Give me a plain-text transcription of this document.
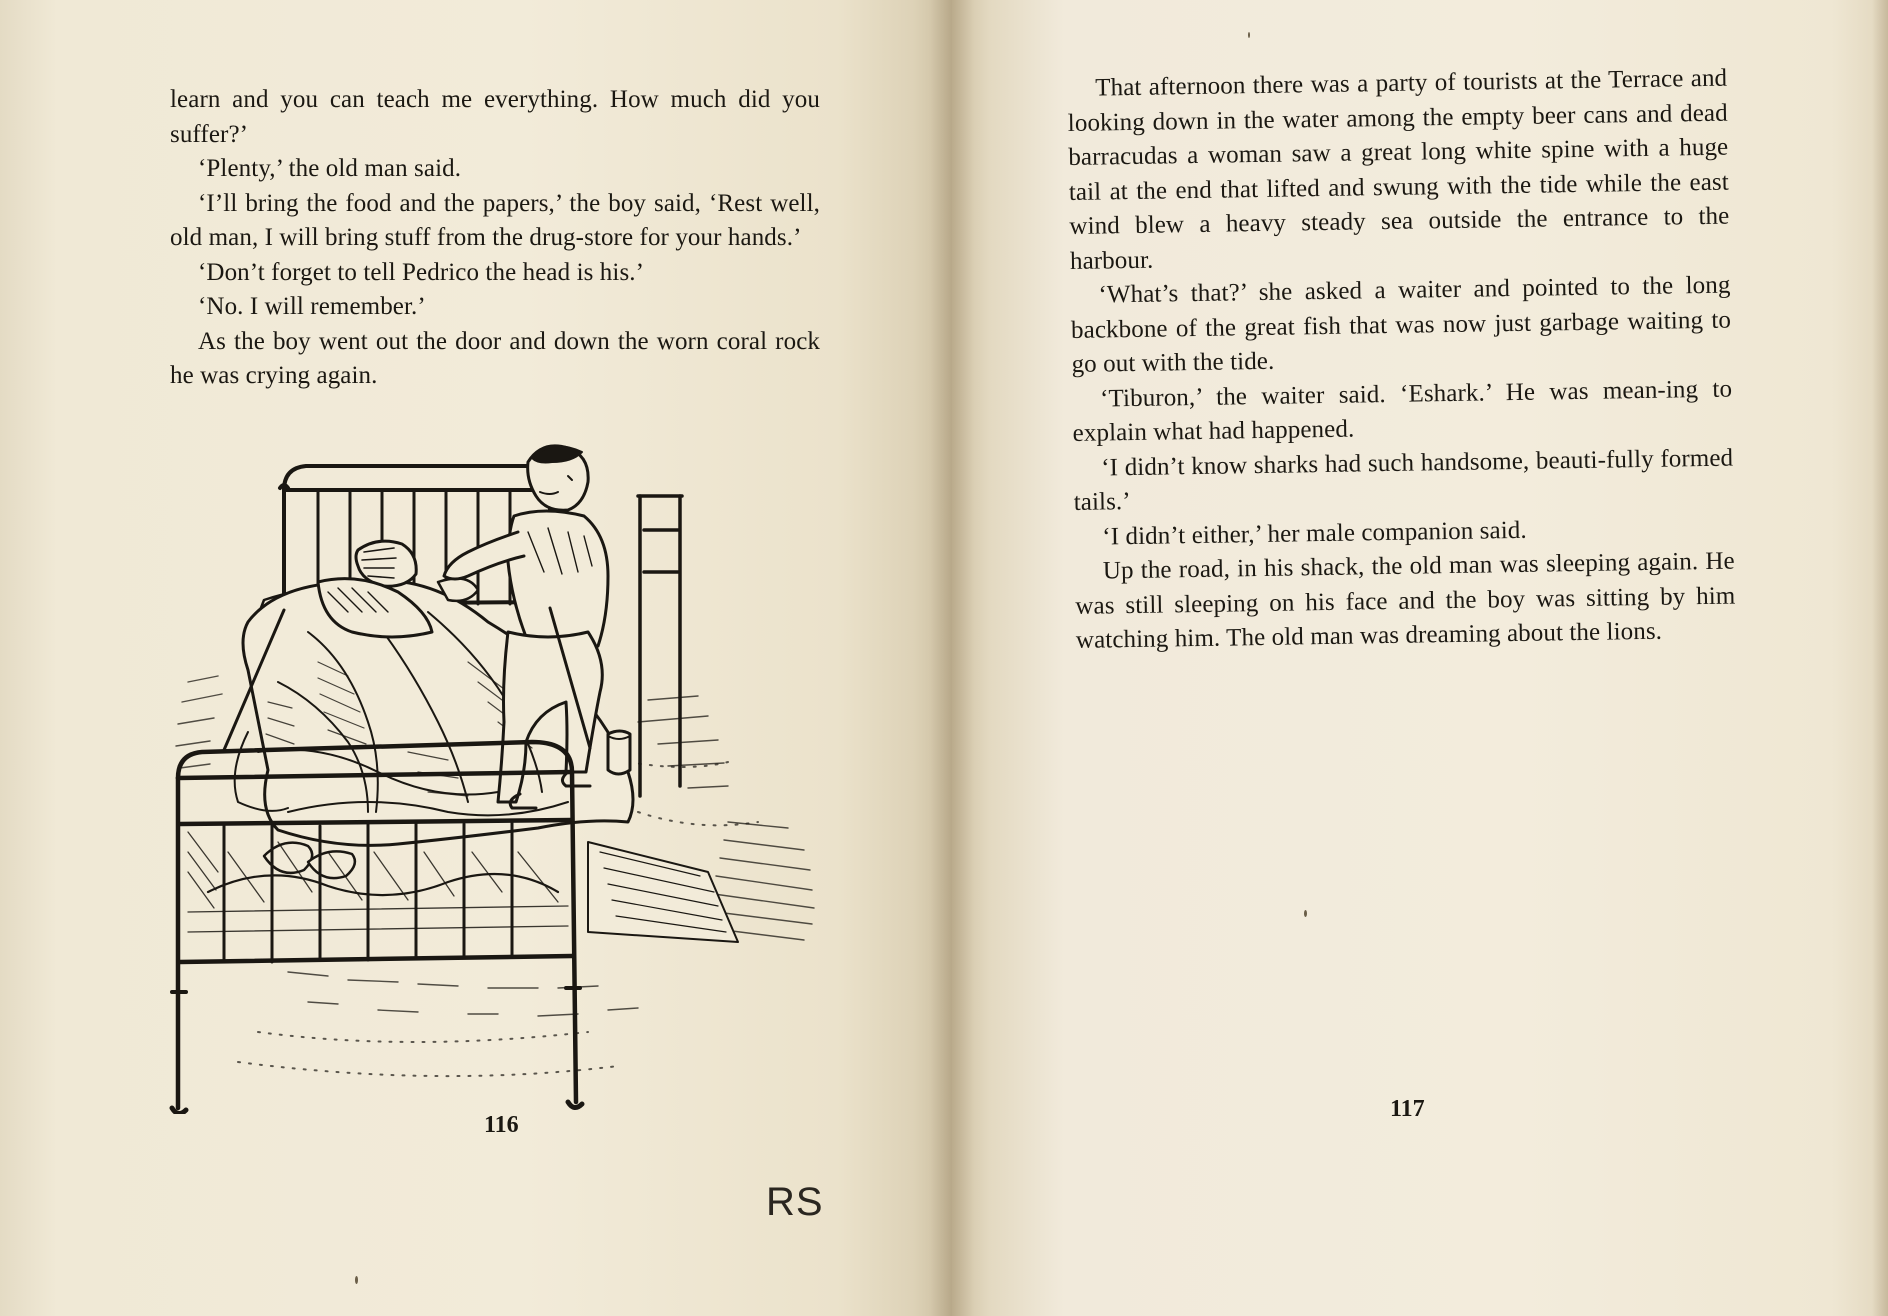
learn and you can teach me everything. How much did you suffer?’

‘Plenty,’ the old man said.

‘I’ll bring the food and the papers,’ the boy said, ‘Rest well, old man, I will bring stuff from the drug-store for your hands.’

‘Don’t forget to tell Pedrico the head is his.’

‘No. I will remember.’

As the boy went out the door and down the worn coral rock he was crying again.

116
RS

That afternoon there was a party of tourists at the Terrace and looking down in the water among the empty beer cans and dead barracudas a woman saw a great long white spine with a huge tail at the end that lifted and swung with the tide while the east wind blew a heavy steady sea outside the entrance to the harbour.

‘What’s that?’ she asked a waiter and pointed to the long backbone of the great fish that was now just garbage waiting to go out with the tide.

‘Tiburon,’ the waiter said. ‘Eshark.’ He was mean-ing to explain what had happened.

‘I didn’t know sharks had such handsome, beauti-fully formed tails.’

‘I didn’t either,’ her male companion said.

Up the road, in his shack, the old man was sleeping again. He was still sleeping on his face and the boy was sitting by him watching him. The old man was dreaming about the lions.

117
